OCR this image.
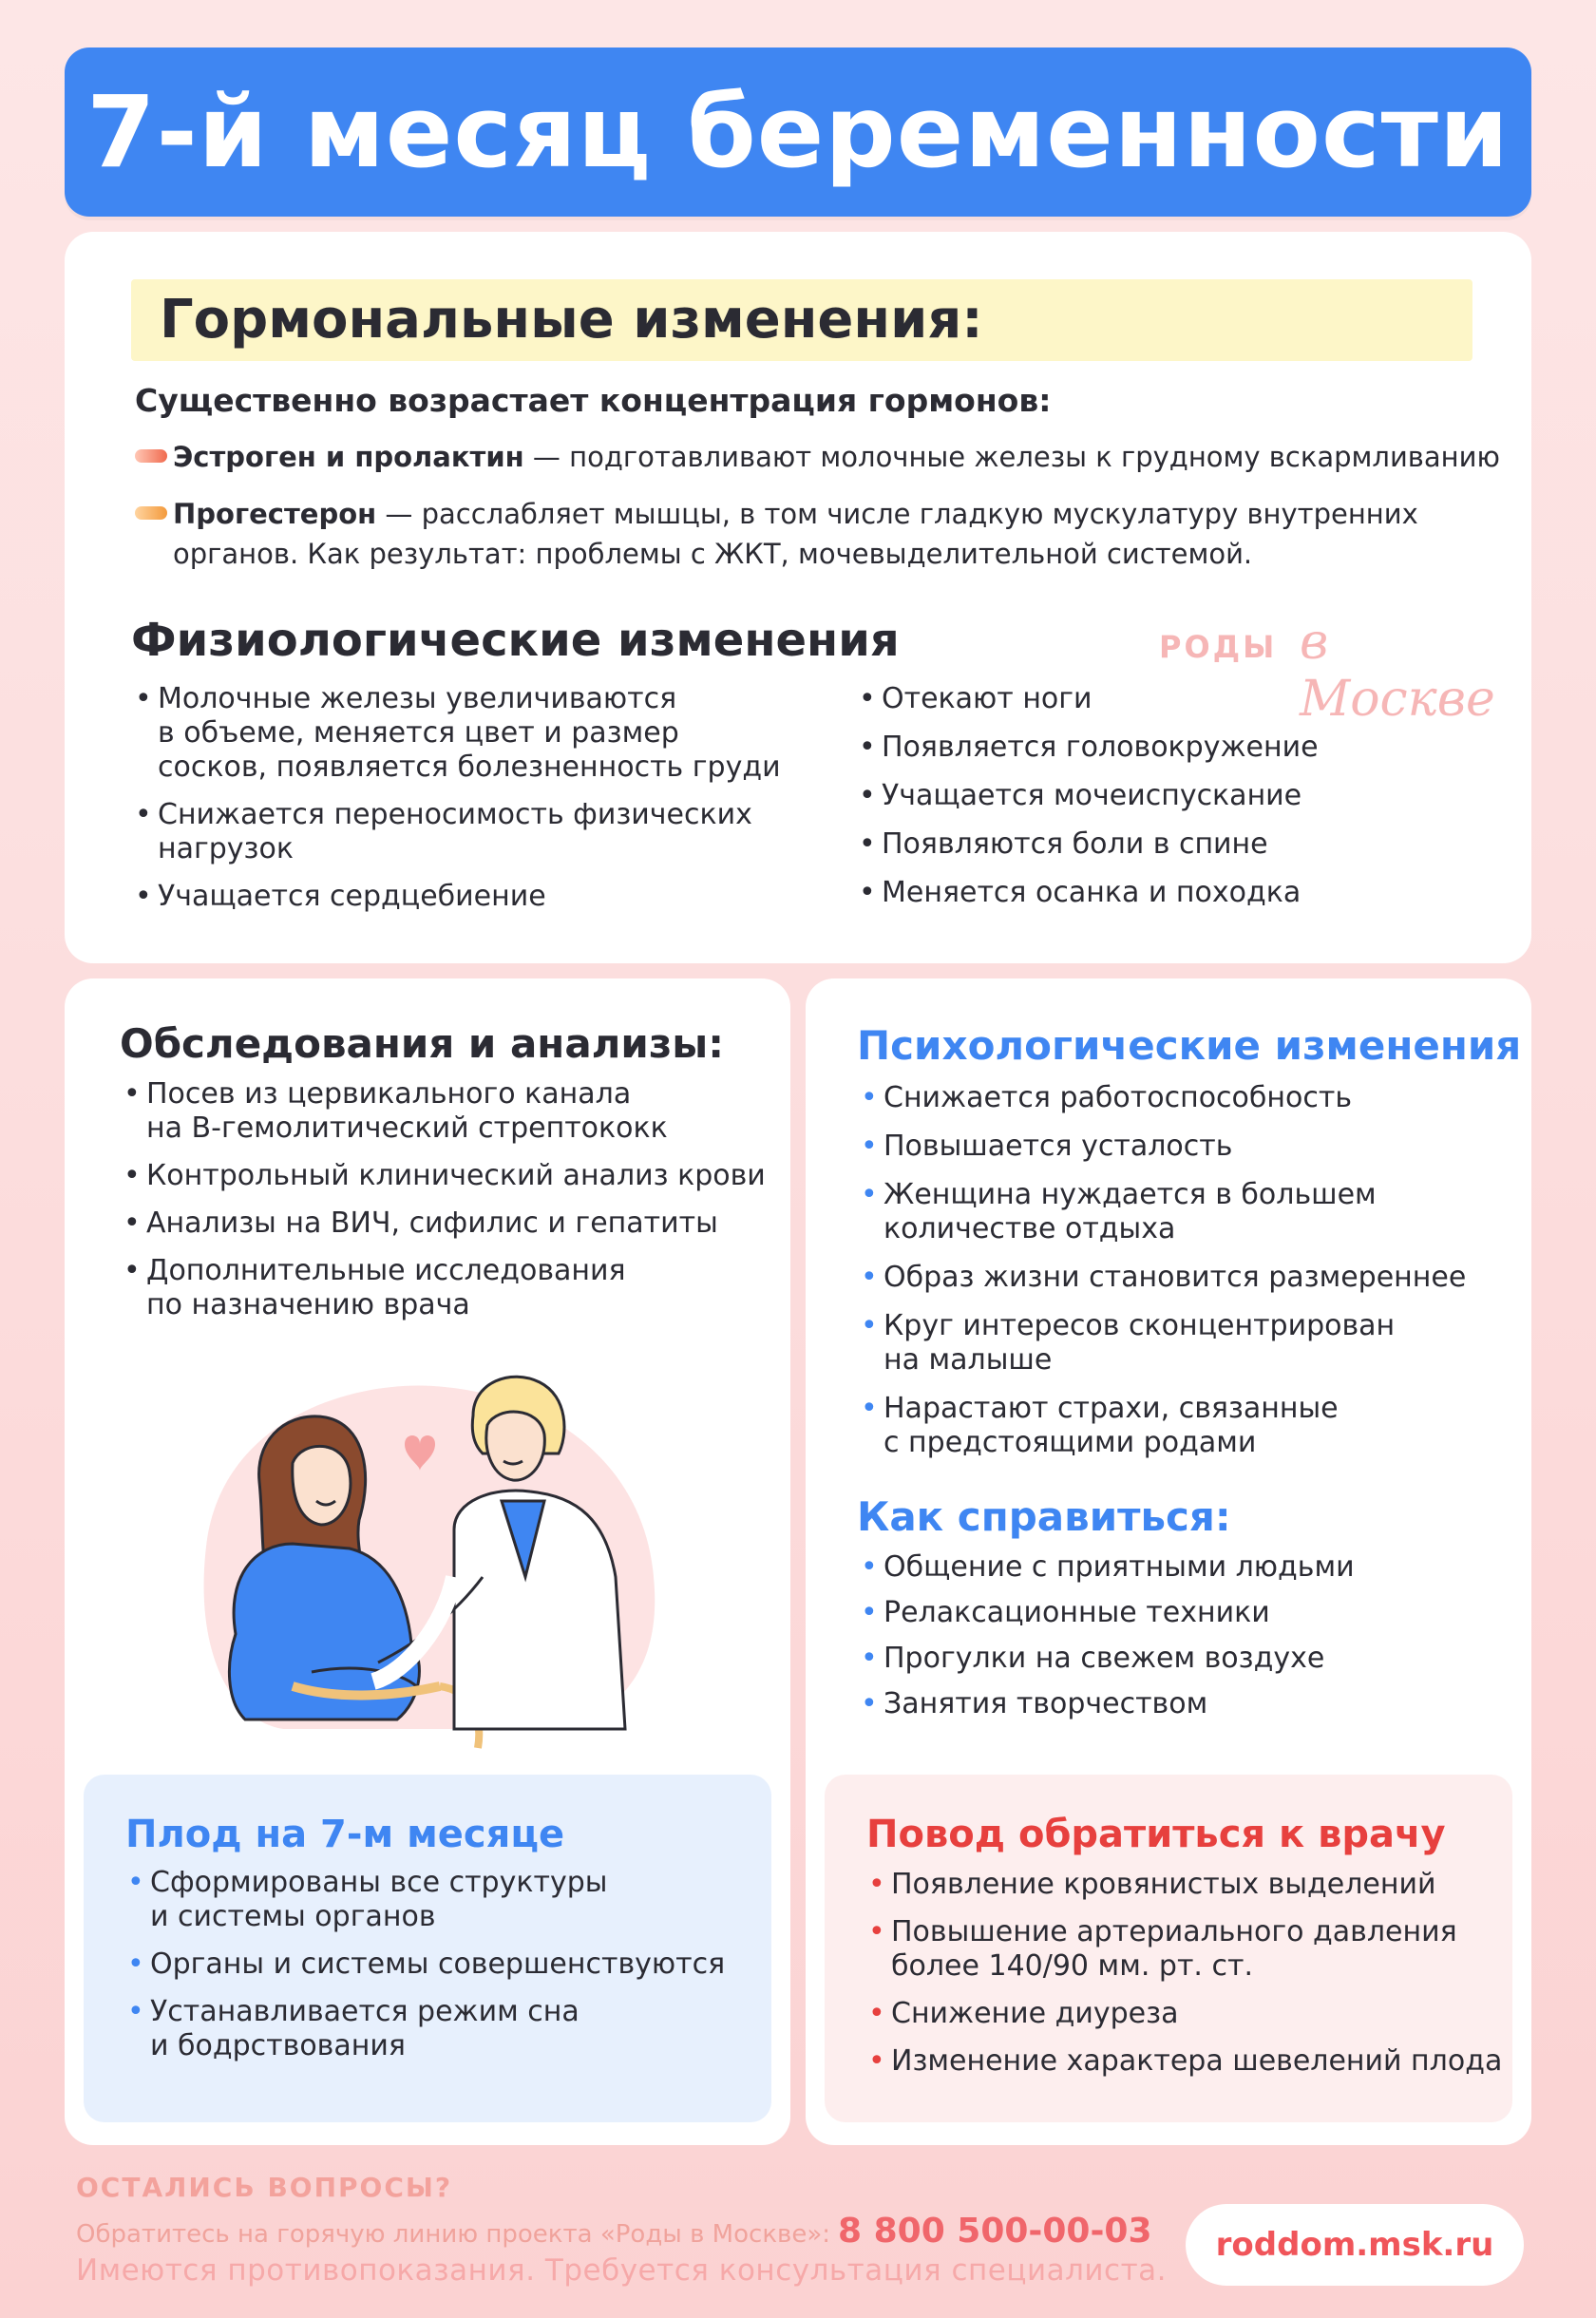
7-й месяц беременности
Гормональные изменения:
Существенно возрастает концентрация гормонов:
Эстроген и пролактин — подготавливают молочные железы к грудному вскармливанию
Прогестерон — расслабляет мышцы, в том числе гладкую мускулатуру внутренних
органов. Как результат: проблемы с ЖКТ, мочевыделительной системой.
Физиологические изменения	РОДЫ в Москве
• Молочные железы увеличиваются
в объеме, меняется цвет и размер
сосков, появляется болезненность груди
• Снижается переносимость физических
нагрузок
• Учащается сердцебиение
• Отекают ноги
• Появляется головокружение
• Учащается мочеиспускание
• Появляются боли в спине
• Меняется осанка и походка
Обследования и анализы:
• Посев из цервикального канала
на В-гемолитический стрептококк
• Контрольный клинический анализ крови
• Анализы на ВИЧ, сифилис и гепатиты
• Дополнительные исследования
по назначению врача
Плод на 7-м месяце
• Сформированы все структуры
и системы органов
• Органы и системы совершенствуются
• Устанавливается режим сна
и бодрствования
Психологические изменения
• Снижается работоспособность
• Повышается усталость
• Женщина нуждается в большем
количестве отдыха
• Образ жизни становится размереннее
• Круг интересов сконцентрирован
на малыше
• Нарастают страхи, связанные
с предстоящими родами
Как справиться:
• Общение с приятными людьми
• Релаксационные техники
• Прогулки на свежем воздухе
• Занятия творчеством
Повод обратиться к врачу
• Появление кровянистых выделений
• Повышение артериального давления
более 140/90 мм. рт. ст.
• Снижение диуреза
• Изменение характера шевелений плода
ОСТАЛИСЬ ВОПРОСЫ?
Обратитесь на горячую линию проекта «Роды в Москве»: 8 800 500-00-03
Имеются противопоказания. Требуется консультация специалиста.
roddom.msk.ru
